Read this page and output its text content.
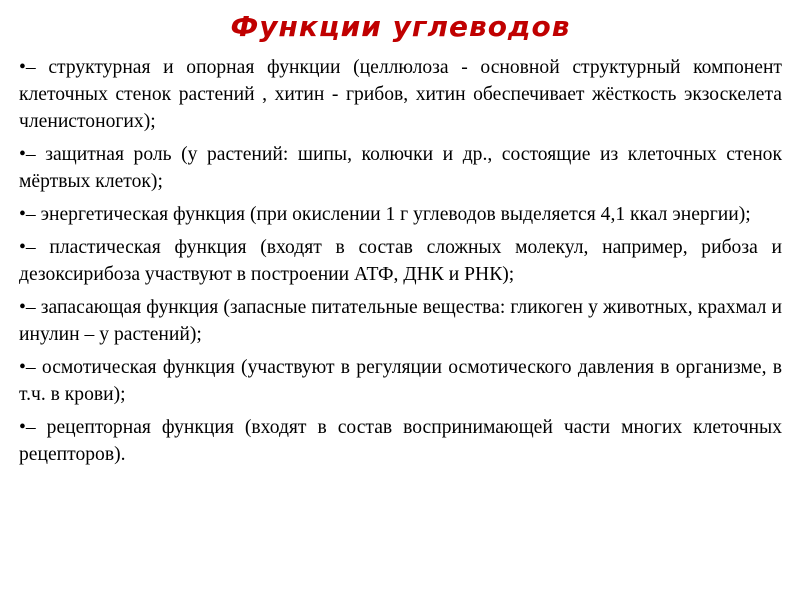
Функции углеводов
•– структурная и опорная функции (целлюлоза - основной структурный компонент клеточных стенок растений , хитин - грибов, хитин обеспечивает жёсткость экзоскелета членистоногих);
•– защитная роль (у растений: шипы, колючки и др., состоящие из клеточных стенок мёртвых клеток);
•– энергетическая функция (при окислении 1 г углеводов выделяется 4,1 ккал энергии);
•– пластическая функция (входят в состав сложных молекул, например, рибоза и дезоксирибоза участвуют в построении АТФ, ДНК и РНК);
•– запасающая функция (запасные питательные вещества: гликоген у животных, крахмал и инулин – у растений);
•– осмотическая функция (участвуют в регуляции осмотического давления в организме, в т.ч. в крови);
•– рецепторная функция (входят в состав воспринимающей части многих клеточных рецепторов).
